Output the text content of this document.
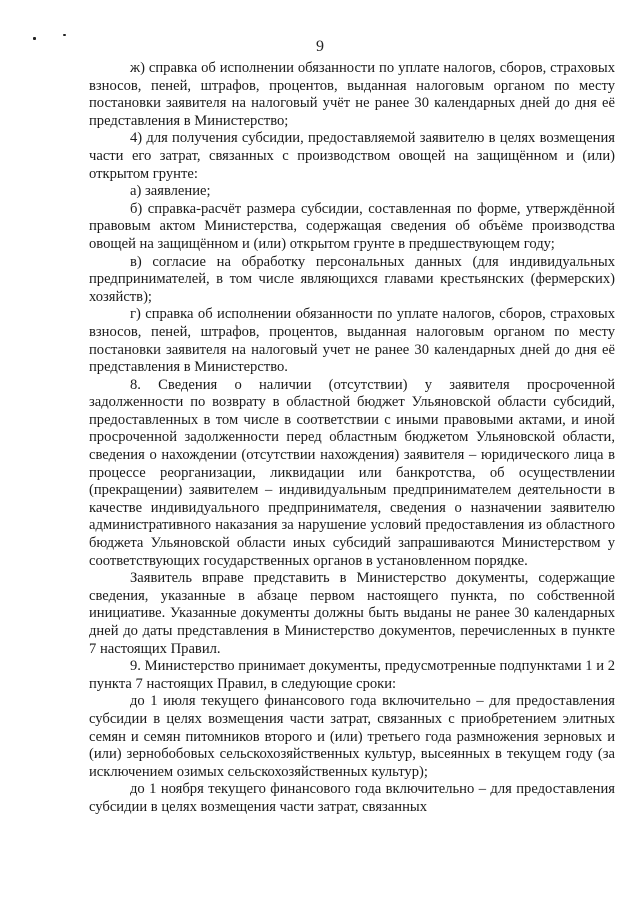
9

ж) справка об исполнении обязанности по уплате налогов, сборов, страховых взносов, пеней, штрафов, процентов, выданная налоговым органом по месту постановки заявителя на налоговый учёт не ранее 30 календарных дней до дня её представления в Министерство;

4) для получения субсидии, предоставляемой заявителю в целях возмещения части его затрат, связанных с производством овощей на защищённом и (или) открытом грунте:

а) заявление;

б) справка-расчёт размера субсидии, составленная по форме, утверждённой правовым актом Министерства, содержащая сведения об объёме производства овощей на защищённом и (или) открытом грунте в предшествующем году;

в) согласие на обработку персональных данных (для индивидуальных предпринимателей, в том числе являющихся главами крестьянских (фермерских) хозяйств);

г) справка об исполнении обязанности по уплате налогов, сборов, страховых взносов, пеней, штрафов, процентов, выданная налоговым органом по месту постановки заявителя на налоговый учет не ранее 30 календарных дней до дня её представления в Министерство.

8. Сведения о наличии (отсутствии) у заявителя просроченной задолженности по возврату в областной бюджет Ульяновской области субсидий, предоставленных в том числе в соответствии с иными правовыми актами, и иной просроченной задолженности перед областным бюджетом Ульяновской области, сведения о нахождении (отсутствии нахождения) заявителя – юридического лица в процессе реорганизации, ликвидации или банкротства, об осуществлении (прекращении) заявителем – индивидуальным предпринимателем деятельности в качестве индивидуального предпринимателя, сведения о назначении заявителю административного наказания за нарушение условий предоставления из областного бюджета Ульяновской области иных субсидий запрашиваются Министерством у соответствующих государственных органов в установленном порядке.

Заявитель вправе представить в Министерство документы, содержащие сведения, указанные в абзаце первом настоящего пункта, по собственной инициативе. Указанные документы должны быть выданы не ранее 30 календарных дней до даты представления в Министерство документов, перечисленных в пункте 7 настоящих Правил.

9. Министерство принимает документы, предусмотренные подпунктами 1 и 2 пункта 7 настоящих Правил, в следующие сроки:

до 1 июля текущего финансового года включительно – для предоставления субсидии в целях возмещения части затрат, связанных с приобретением элитных семян и семян питомников второго и (или) третьего года размножения зерновых и (или) зернобобовых сельскохозяйственных культур, высеянных в текущем году (за исключением озимых сельскохозяйственных культур);

до 1 ноября текущего финансового года включительно – для предоставления субсидии в целях возмещения части затрат, связанных
